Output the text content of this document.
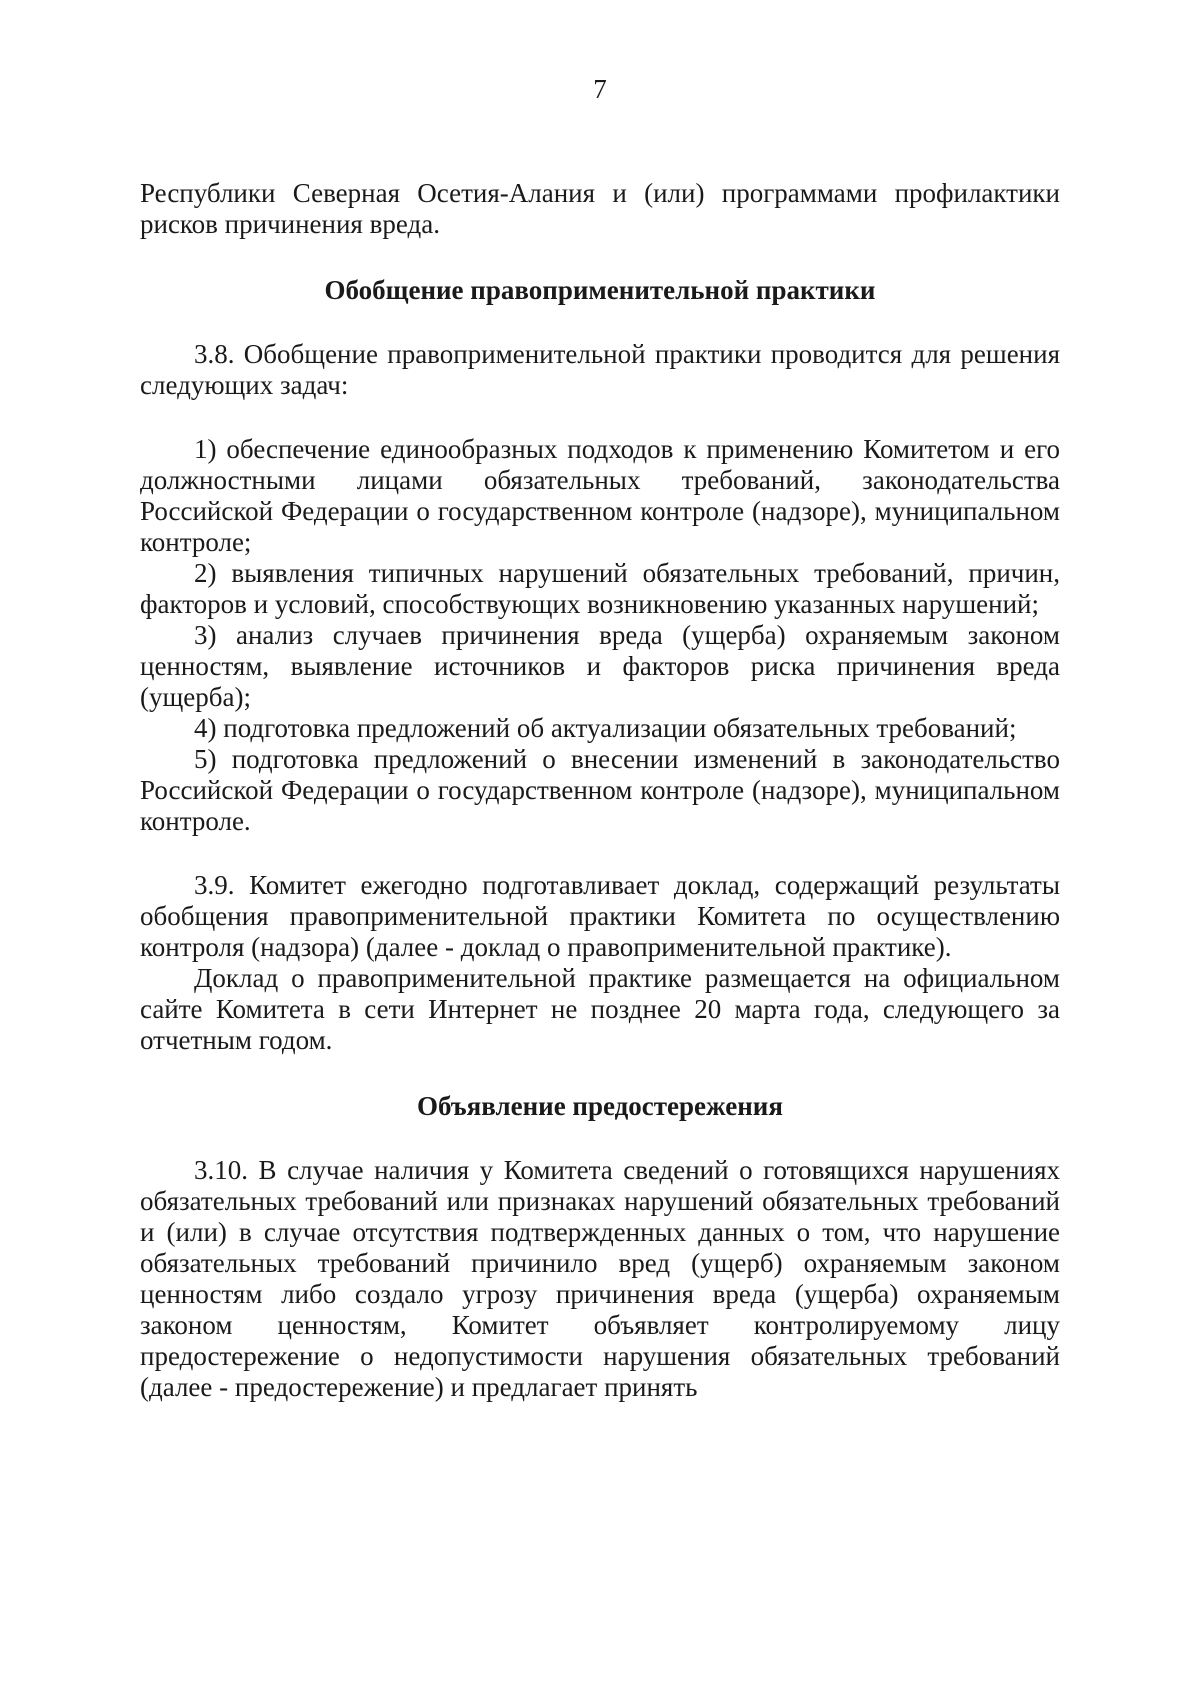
7

Республики Северная Осетия-Алания и (или) программами профилактики рисков причинения вреда.

Обобщение правоприменительной практики

3.8. Обобщение правоприменительной практики проводится для решения следующих задач:

1) обеспечение единообразных подходов к применению Комитетом и его должностными лицами обязательных требований, законодательства Российской Федерации о государственном контроле (надзоре), муниципальном контроле;

2) выявления типичных нарушений обязательных требований, причин, факторов и условий, способствующих возникновению указанных нарушений;

3) анализ случаев причинения вреда (ущерба) охраняемым законом ценностям, выявление источников и факторов риска причинения вреда (ущерба);

4) подготовка предложений об актуализации обязательных требований;

5) подготовка предложений о внесении изменений в законодательство Российской Федерации о государственном контроле (надзоре), муниципальном контроле.

3.9. Комитет ежегодно подготавливает доклад, содержащий результаты обобщения правоприменительной практики Комитета по осуществлению контроля (надзора) (далее - доклад о правоприменительной практике).

Доклад о правоприменительной практике размещается на официальном сайте Комитета в сети Интернет не позднее 20 марта года, следующего за отчетным годом.

Объявление предостережения

3.10. В случае наличия у Комитета сведений о готовящихся нарушениях обязательных требований или признаках нарушений обязательных требований и (или) в случае отсутствия подтвержденных данных о том, что нарушение обязательных требований причинило вред (ущерб) охраняемым законом ценностям либо создало угрозу причинения вреда (ущерба) охраняемым законом ценностям, Комитет объявляет контролируемому лицу предостережение о недопустимости нарушения обязательных требований (далее - предостережение) и предлагает принять
